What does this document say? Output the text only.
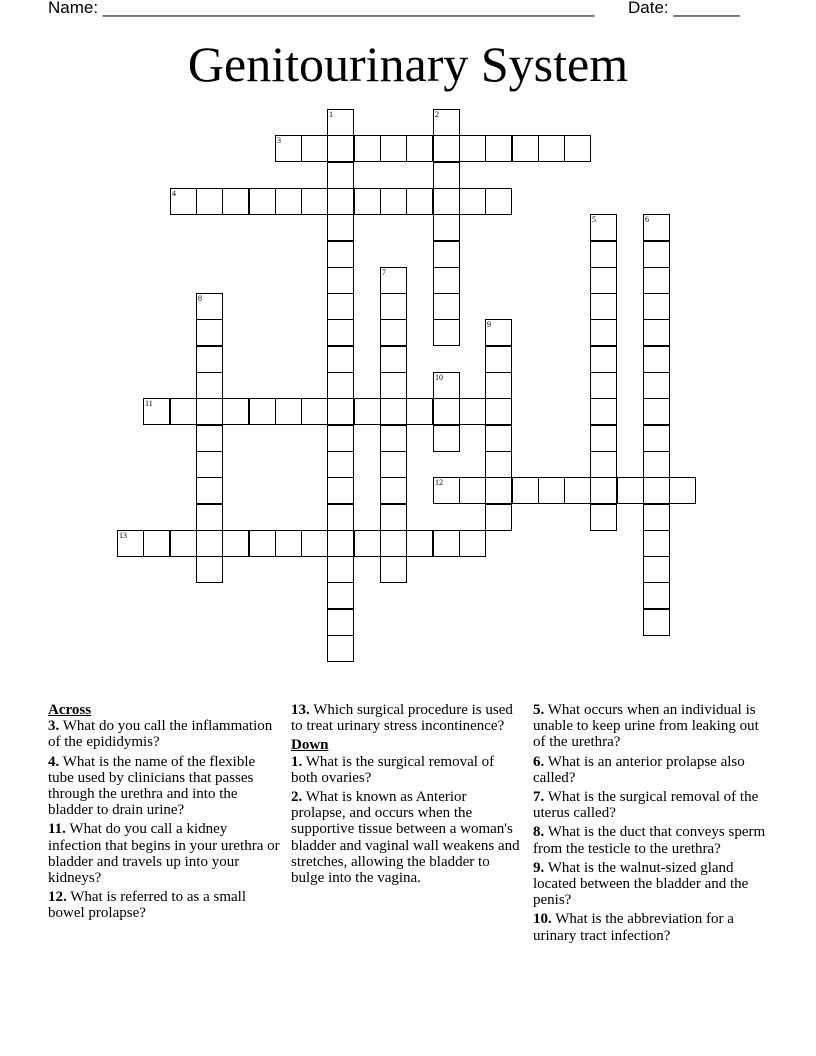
Name: ____________________________________________________ Date: _______
Genitourinary System
1	2
3
4
5	6
7
8
9
10
11
12
13
Across
3. What do you call the inflammation of the epididymis?
4. What is the name of the flexible tube used by clinicians that passes through the urethra and into the bladder to drain urine?
11. What do you call a kidney infection that begins in your urethra or bladder and travels up into your kidneys?
12. What is referred to as a small bowel prolapse?
13. Which surgical procedure is used to treat urinary stress incontinence?
Down
1. What is the surgical removal of both ovaries?
2. What is known as Anterior prolapse, and occurs when the supportive tissue between a woman's bladder and vaginal wall weakens and stretches, allowing the bladder to bulge into the vagina.
5. What occurs when an individual is unable to keep urine from leaking out of the urethra?
6. What is an anterior prolapse also called?
7. What is the surgical removal of the uterus called?
8. What is the duct that conveys sperm from the testicle to the urethra?
9. What is the walnut-sized gland located between the bladder and the penis?
10. What is the abbreviation for a urinary tract infection?
